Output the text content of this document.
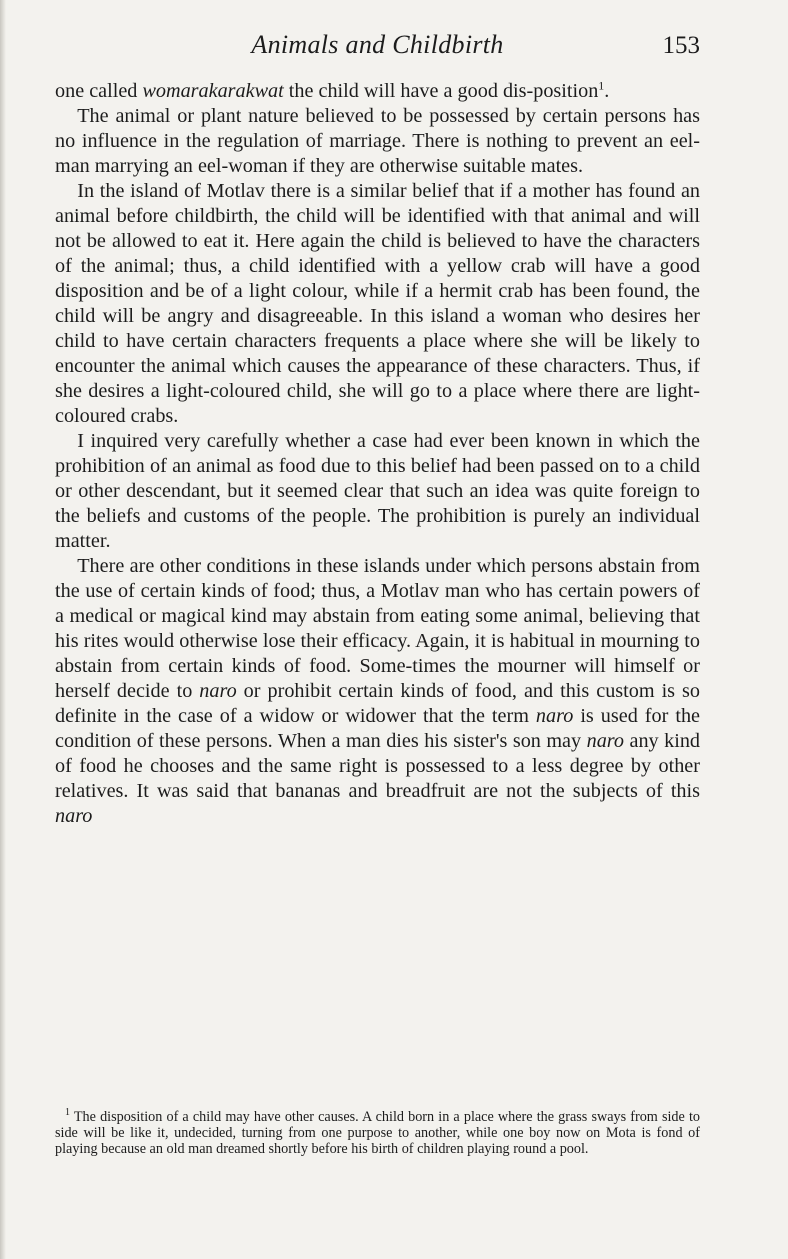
Animals and Childbirth	153

one called womarakarakwat the child will have a good dis-position$^1$.

The animal or plant nature believed to be possessed by certain persons has no influence in the regulation of marriage. There is nothing to prevent an eel-man marrying an eel-woman if they are otherwise suitable mates.

In the island of Motlav there is a similar belief that if a mother has found an animal before childbirth, the child will be identified with that animal and will not be allowed to eat it. Here again the child is believed to have the characters of the animal; thus, a child identified with a yellow crab will have a good disposition and be of a light colour, while if a hermit crab has been found, the child will be angry and disagreeable. In this island a woman who desires her child to have certain characters frequents a place where she will be likely to encounter the animal which causes the appearance of these characters. Thus, if she desires a light-coloured child, she will go to a place where there are light-coloured crabs.

I inquired very carefully whether a case had ever been known in which the prohibition of an animal as food due to this belief had been passed on to a child or other descendant, but it seemed clear that such an idea was quite foreign to the beliefs and customs of the people. The prohibition is purely an individual matter.

There are other conditions in these islands under which persons abstain from the use of certain kinds of food; thus, a Motlav man who has certain powers of a medical or magical kind may abstain from eating some animal, believing that his rites would otherwise lose their efficacy. Again, it is habitual in mourning to abstain from certain kinds of food. Some-times the mourner will himself or herself decide to naro or prohibit certain kinds of food, and this custom is so definite in the case of a widow or widower that the term naro is used for the condition of these persons. When a man dies his sister's son may naro any kind of food he chooses and the same right is possessed to a less degree by other relatives. It was said that bananas and breadfruit are not the subjects of this naro

$^1$ The disposition of a child may have other causes. A child born in a place where the grass sways from side to side will be like it, undecided, turning from one purpose to another, while one boy now on Mota is fond of playing because an old man dreamed shortly before his birth of children playing round a pool.
